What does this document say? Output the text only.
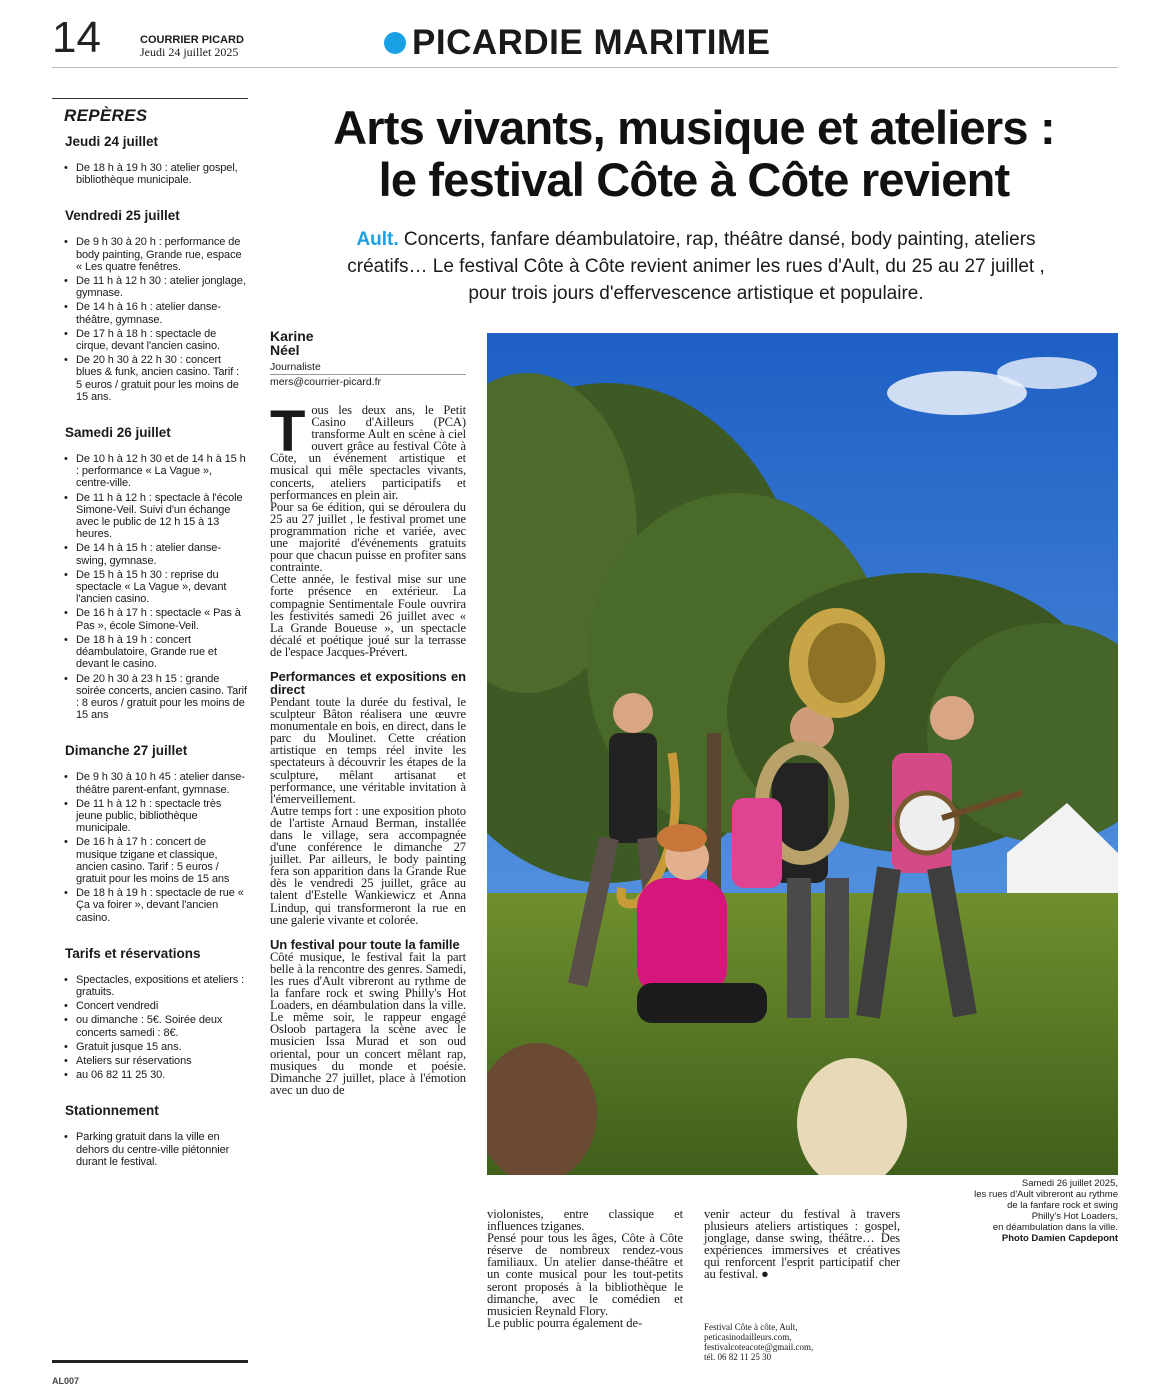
14	COURRIER PICARD
Jeudi 24 juillet 2025	PICARDIE MARITIME
REPÈRES
Jeudi 24 juillet
• De 18 h à 19 h 30 : atelier gospel, bibliothèque municipale.
Vendredi 25 juillet
• De 9 h 30 à 20 h : performance de body painting, Grande rue, espace « Les quatre fenêtres.
• De 11 h à 12 h 30 : atelier jonglage, gymnase.
• De 14 h à 16 h : atelier danse-théâtre, gymnase.
• De 17 h à 18 h : spectacle de cirque, devant l'ancien casino.
• De 20 h 30 à 22 h 30 : concert blues & funk, ancien casino. Tarif : 5 euros / gratuit pour les moins de 15 ans.
Samedi 26 juillet
• De 10 h à 12 h 30 et de 14 h à 15 h : performance « La Vague », centre-ville.
• De 11 h à 12 h : spectacle à l'école Simone-Veil. Suivi d'un échange avec le public de 12 h 15 à 13 heures.
• De 14 h à 15 h : atelier danse-swing, gymnase.
• De 15 h à 15 h 30 : reprise du spectacle « La Vague », devant l'ancien casino.
• De 16 h à 17 h : spectacle « Pas à Pas », école Simone-Veil.
• De 18 h à 19 h : concert déambulatoire, Grande rue et devant le casino.
• De 20 h 30 à 23 h 15 : grande soirée concerts, ancien casino. Tarif : 8 euros / gratuit pour les moins de 15 ans
Dimanche 27 juillet
• De 9 h 30 à 10 h 45 : atelier danse-théâtre parent-enfant, gymnase.
• De 11 h à 12 h : spectacle très jeune public, bibliothèque municipale.
• De 16 h à 17 h : concert de musique tzigane et classique, ancien casino. Tarif : 5 euros / gratuit pour les moins de 15 ans
• De 18 h à 19 h : spectacle de rue « Ça va foirer », devant l'ancien casino.
Tarifs et réservations
• Spectacles, expositions et ateliers : gratuits.
• Concert vendredi
• ou dimanche : 5€. Soirée deux concerts samedi : 8€.
• Gratuit jusque 15 ans.
• Ateliers sur réservations
• au 06 82 11 25 30.
Stationnement
• Parking gratuit dans la ville en dehors du centre-ville piétonnier durant le festival.
Arts vivants, musique et ateliers :
le festival Côte à Côte revient
Ault. Concerts, fanfare déambulatoire, rap, théâtre dansé, body painting, ateliers créatifs… Le festival Côte à Côte revient animer les rues d'Ault, du 25 au 27 juillet , pour trois jours d'effervescence artistique et populaire.
Karine Néel
Journaliste
mers@courrier-picard.fr

Tous les deux ans, le Petit Casino d'Ailleurs (PCA) transforme Ault en scène à ciel ouvert grâce au festival Côte à Côte, un événement artistique et musical qui mêle spectacles vivants, concerts, ateliers participatifs et performances en plein air.

Pour sa 6e édition, qui se déroulera du 25 au 27 juillet , le festival promet une programmation riche et variée, avec une majorité d'événements gratuits pour que chacun puisse en profiter sans contrainte.

Cette année, le festival mise sur une forte présence en extérieur. La compagnie Sentimentale Foule ouvrira les festivités samedi 26 juillet avec « La Grande Boueuse », un spectacle décalé et poétique joué sur la terrasse de l'espace Jacques-Prévert.

Performances et expositions en direct

Pendant toute la durée du festival, le sculpteur Bâton réalisera une œuvre monumentale en bois, en direct, dans le parc du Moulinet. Cette création artistique en temps réel invite les spectateurs à découvrir les étapes de la sculpture, mêlant artisanat et performance, une véritable invitation à l'émerveillement.

Autre temps fort : une exposition photo de l'artiste Arnaud Berman, installée dans le village, sera accompagnée d'une conférence le dimanche 27 juillet. Par ailleurs, le body painting fera son apparition dans la Grande Rue dès le vendredi 25 juillet, grâce au talent d'Estelle Wankiewicz et Anna Lindup, qui transformeront la rue en une galerie vivante et colorée.

Un festival pour toute la famille

Côté musique, le festival fait la part belle à la rencontre des genres. Samedi, les rues d'Ault vibreront au rythme de la fanfare rock et swing Philly's Hot Loaders, en déambulation dans la ville. Le même soir, le rappeur engagé Osloob partagera la scène avec le musicien Issa Murad et son oud oriental, pour un concert mêlant rap, musiques du monde et poésie. Dimanche 27 juillet, place à l'émotion avec un duo de

violonistes, entre classique et influences tziganes.

Pensé pour tous les âges, Côte à Côte réserve de nombreux rendez-vous familiaux. Un atelier danse-théâtre et un conte musical pour les tout-petits seront proposés à la bibliothèque le dimanche, avec le comédien et musicien Reynald Flory.

Le public pourra également de-

venir acteur du festival à travers plusieurs ateliers artistiques : gospel, jonglage, danse swing, théâtre… Des expériences immersives et créatives qui renforcent l'esprit participatif cher au festival. ●

Festival Côte à côte, Ault,
peticasinodailleurs.com,
festivalcoteacote@gmail.com,
tél. 06 82 11 25 30
Samedi 26 juillet 2025,
les rues d'Ault vibreront au rythme
de la fanfare rock et swing
Philly's Hot Loaders,
en déambulation dans la ville.
Photo Damien Capdepont
AL007
